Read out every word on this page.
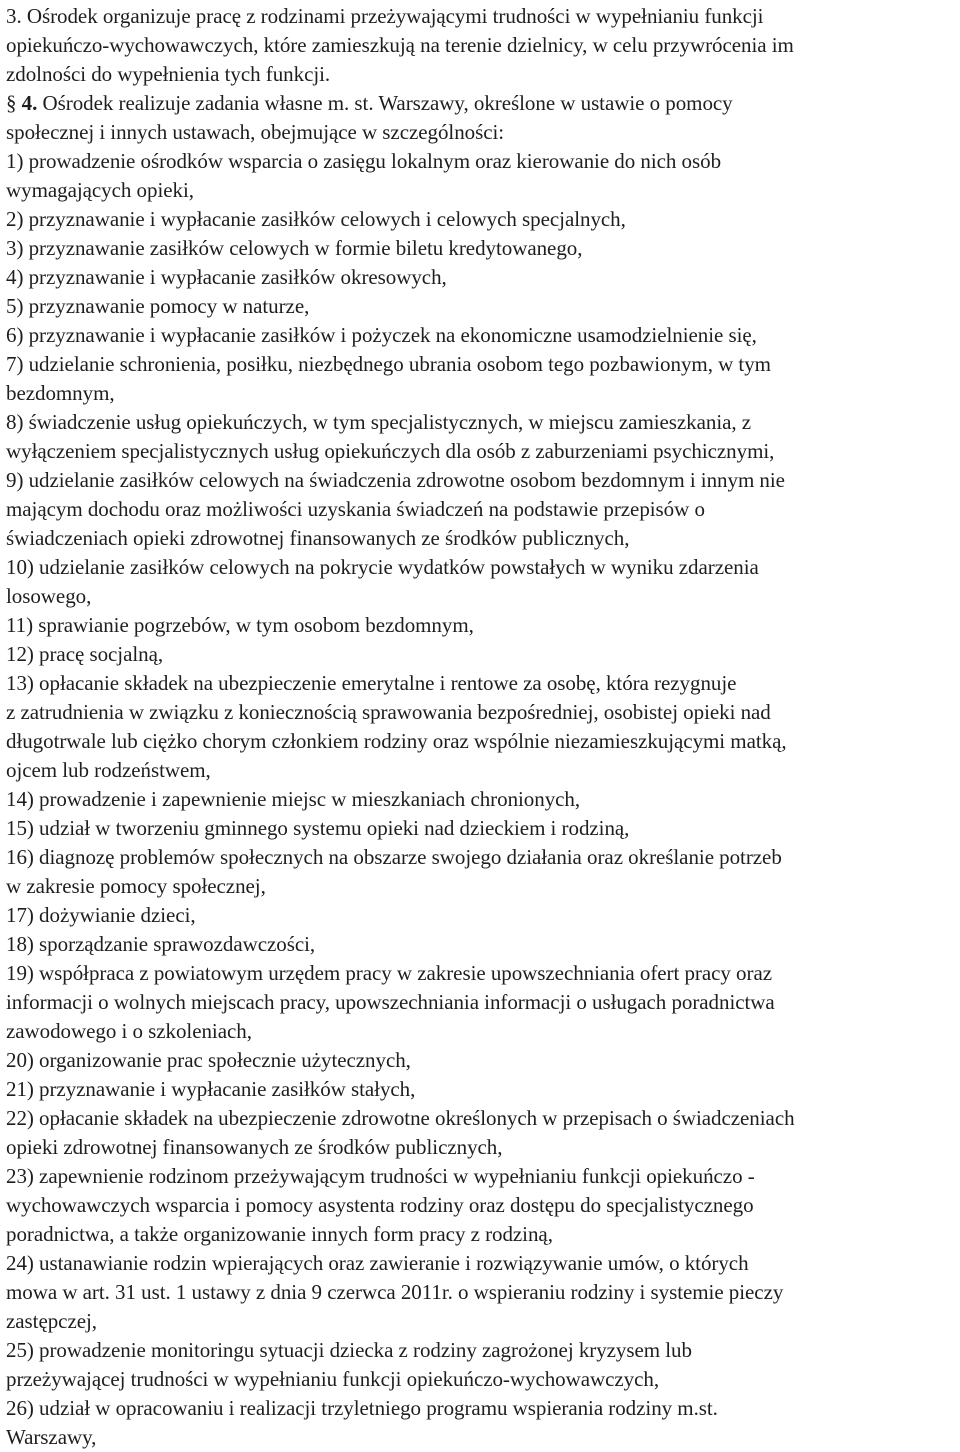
3. Ośrodek organizuje pracę z rodzinami przeżywającymi trudności w wypełnianiu funkcji
opiekuńczo-wychowawczych, które zamieszkują na terenie dzielnicy, w celu przywrócenia im
zdolności do wypełnienia tych funkcji.

§ 4. Ośrodek realizuje zadania własne m. st. Warszawy, określone w ustawie o pomocy
społecznej i innych ustawach, obejmujące w szczególności:

1) prowadzenie ośrodków wsparcia o zasięgu lokalnym oraz kierowanie do nich osób
wymagających opieki,

2) przyznawanie i wypłacanie zasiłków celowych i celowych specjalnych,

3) przyznawanie zasiłków celowych w formie biletu kredytowanego,

4) przyznawanie i wypłacanie zasiłków okresowych,

5) przyznawanie pomocy w naturze,

6) przyznawanie i wypłacanie zasiłków i pożyczek na ekonomiczne usamodzielnienie się,

7) udzielanie schronienia, posiłku, niezbędnego ubrania osobom tego pozbawionym, w tym
bezdomnym,

8) świadczenie usług opiekuńczych, w tym specjalistycznych, w miejscu zamieszkania, z
wyłączeniem specjalistycznych usług opiekuńczych dla osób z zaburzeniami psychicznymi,

9) udzielanie zasiłków celowych na świadczenia zdrowotne osobom bezdomnym i innym nie
mającym dochodu oraz możliwości uzyskania świadczeń na podstawie przepisów o
świadczeniach opieki zdrowotnej finansowanych ze środków publicznych,

10) udzielanie zasiłków celowych na pokrycie wydatków powstałych w wyniku zdarzenia
losowego,

11) sprawianie pogrzebów, w tym osobom bezdomnym,

12) pracę socjalną,

13) opłacanie składek na ubezpieczenie emerytalne i rentowe za osobę, która rezygnuje
z zatrudnienia w związku z koniecznością sprawowania bezpośredniej, osobistej opieki nad
długotrwale lub ciężko chorym członkiem rodziny oraz wspólnie niezamieszkującymi matką,
ojcem lub rodzeństwem,

14) prowadzenie i zapewnienie miejsc w mieszkaniach chronionych,

15) udział w tworzeniu gminnego systemu opieki nad dzieckiem i rodziną,

16) diagnozę problemów społecznych na obszarze swojego działania oraz określanie potrzeb
w zakresie pomocy społecznej,

17) dożywianie dzieci,

18) sporządzanie sprawozdawczości,

19) współpraca z powiatowym urzędem pracy w zakresie upowszechniania ofert pracy oraz
informacji o wolnych miejscach pracy, upowszechniania informacji o usługach poradnictwa
zawodowego i o szkoleniach,

20) organizowanie prac społecznie użytecznych,

21) przyznawanie i wypłacanie zasiłków stałych,

22) opłacanie składek na ubezpieczenie zdrowotne określonych w przepisach o świadczeniach
opieki zdrowotnej finansowanych ze środków publicznych,

23) zapewnienie rodzinom przeżywającym trudności w wypełnianiu funkcji opiekuńczo -
wychowawczych wsparcia i pomocy asystenta rodziny oraz dostępu do specjalistycznego
poradnictwa, a także organizowanie innych form pracy z rodziną,

24) ustanawianie rodzin wpierających oraz zawieranie i rozwiązywanie umów, o których
mowa w art. 31 ust. 1 ustawy z dnia 9 czerwca 2011r. o wspieraniu rodziny i systemie pieczy
zastępczej,

25) prowadzenie monitoringu sytuacji dziecka z rodziny zagrożonej kryzysem lub
przeżywającej trudności w wypełnianiu funkcji opiekuńczo-wychowawczych,

26) udział w opracowaniu i realizacji trzyletniego programu wspierania rodziny m.st.
Warszawy,
